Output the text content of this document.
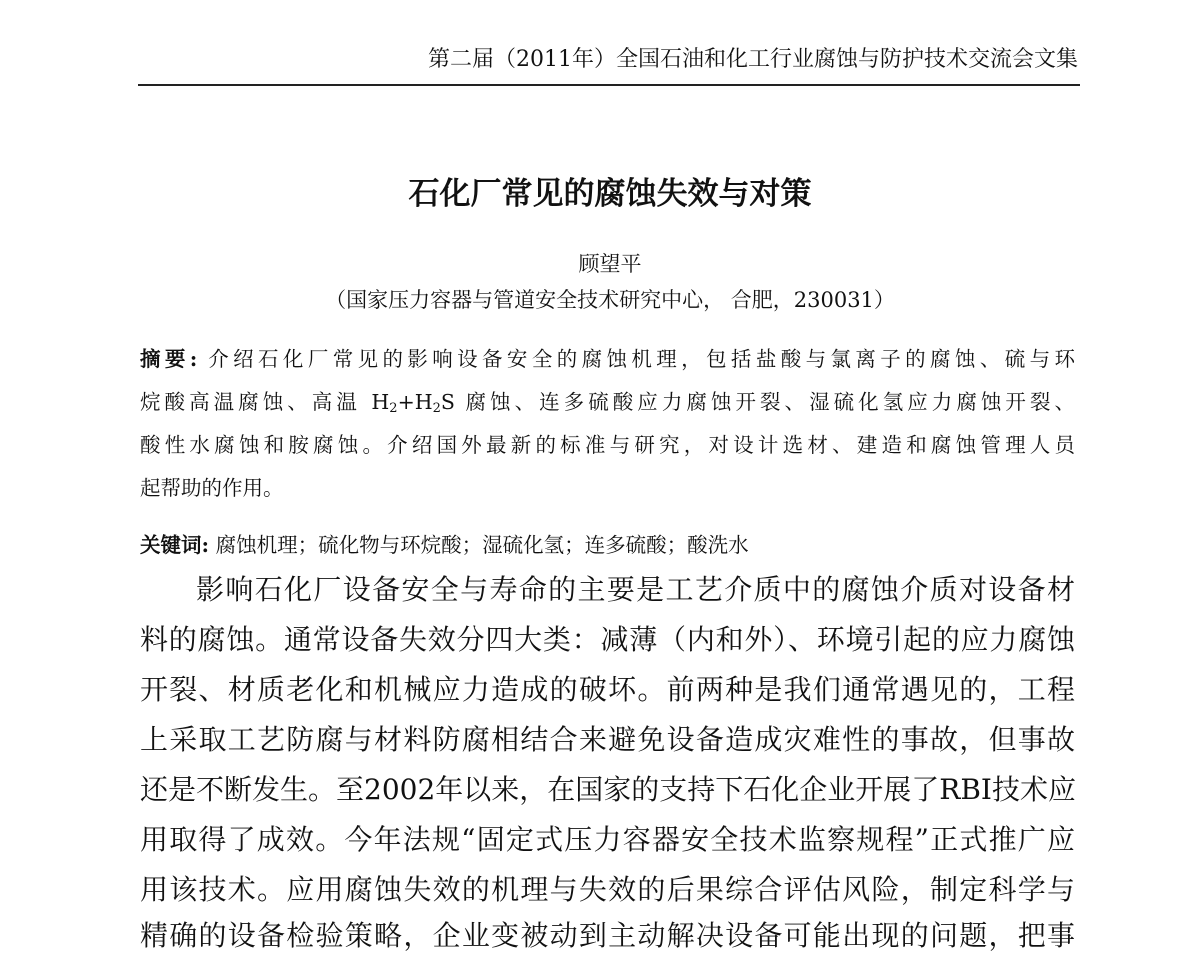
第二届（2011年）全国石油和化工行业腐蚀与防护技术交流会文集
石化厂常见的腐蚀失效与对策
顾望平
（国家压力容器与管道安全技术研究中心， 合肥，230031）
摘要: 介绍石化厂常见的影响设备安全的腐蚀机理，包括盐酸与氯离子的腐蚀、硫与环
烷酸高温腐蚀、高温 $H_2+H_2S$ 腐蚀、连多硫酸应力腐蚀开裂、湿硫化氢应力腐蚀开裂、
酸性水腐蚀和胺腐蚀。介绍国外最新的标准与研究，对设计选材、建造和腐蚀管理人员
起帮助的作用。
关键词: 腐蚀机理；硫化物与环烷酸；湿硫化氢；连多硫酸；酸洗水
影响石化厂设备安全与寿命的主要是工艺介质中的腐蚀介质对设备材
料的腐蚀。通常设备失效分四大类：减薄（内和外）、环境引起的应力腐蚀
开裂、材质老化和机械应力造成的破坏。前两种是我们通常遇见的，工程
上采取工艺防腐与材料防腐相结合来避免设备造成灾难性的事故，但事故
还是不断发生。至2002年以来，在国家的支持下石化企业开展了RBI技术应
用取得了成效。今年法规“固定式压力容器安全技术监察规程”正式推广应
用该技术。应用腐蚀失效的机理与失效的后果综合评估风险，制定科学与
精确的设备检验策略，企业变被动到主动解决设备可能出现的问题，把事
